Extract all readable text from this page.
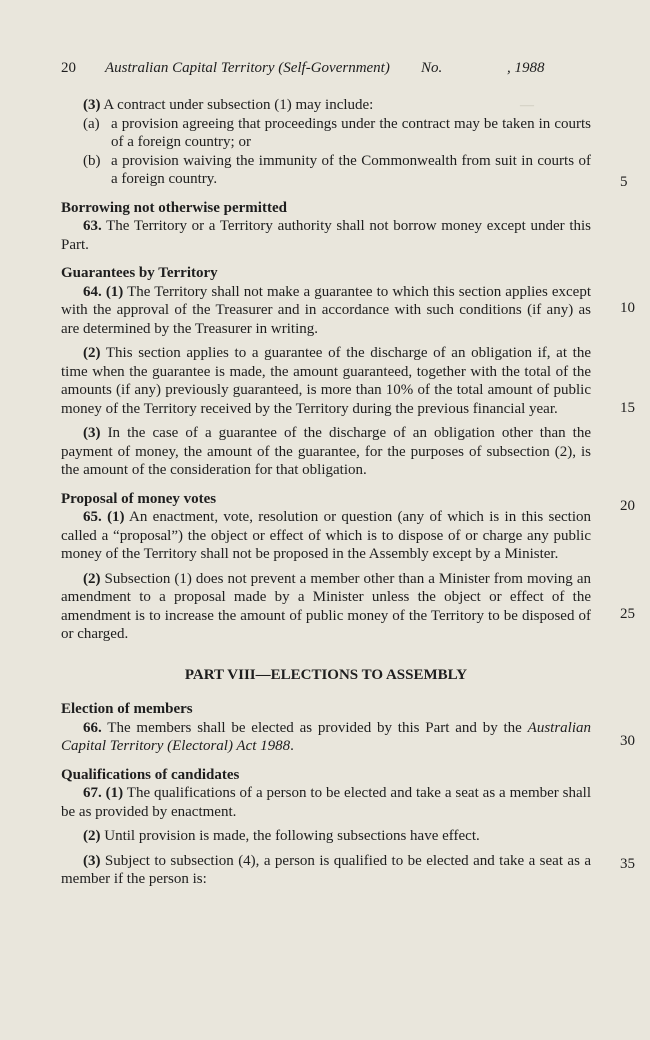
20 Australian Capital Territory (Self-Government) No.	, 1988
—

(3) A contract under subsection (1) may include:

(a) a provision agreeing that proceedings under the contract may be taken in courts of a foreign country; or

(b) a provision waiving the immunity of the Commonwealth from suit in courts of a foreign country.

Borrowing not otherwise permitted

63. The Territory or a Territory authority shall not borrow money except under this Part.

Guarantees by Territory

64. (1) The Territory shall not make a guarantee to which this section applies except with the approval of the Treasurer and in accordance with such conditions (if any) as are determined by the Treasurer in writing.

(2) This section applies to a guarantee of the discharge of an obligation if, at the time when the guarantee is made, the amount guaranteed, together with the total of the amounts (if any) previously guaranteed, is more than 10% of the total amount of public money of the Territory received by the Territory during the previous financial year.

(3) In the case of a guarantee of the discharge of an obligation other than the payment of money, the amount of the guarantee, for the purposes of subsection (2), is the amount of the consideration for that obligation.

Proposal of money votes

65. (1) An enactment, vote, resolution or question (any of which is in this section called a “proposal”) the object or effect of which is to dispose of or charge any public money of the Territory shall not be proposed in the Assembly except by a Minister.

(2) Subsection (1) does not prevent a member other than a Minister from moving an amendment to a proposal made by a Minister unless the object or effect of the amendment is to increase the amount of public money of the Territory to be disposed of or charged.

PART VIII—ELECTIONS TO ASSEMBLY

Election of members

66. The members shall be elected as provided by this Part and by the Australian Capital Territory (Electoral) Act 1988.

Qualifications of candidates

67. (1) The qualifications of a person to be elected and take a seat as a member shall be as provided by enactment.

(2) Until provision is made, the following subsections have effect.

(3) Subject to subsection (4), a person is qualified to be elected and take a seat as a member if the person is:

5
10
15
20
25
30
35
